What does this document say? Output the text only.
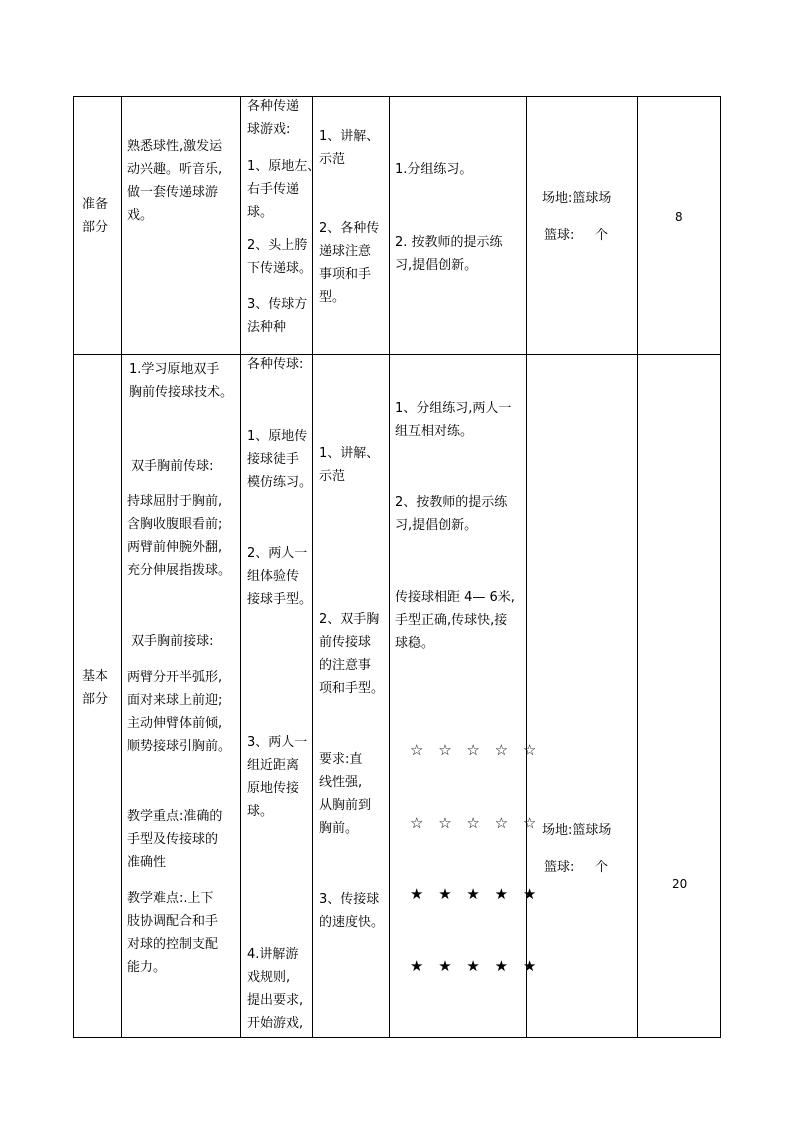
准备
部分
熟悉球性,激发运
动兴趣。听音乐,
做一套传递球游
戏。
各种传递
球游戏:
1、原地左、
右手传递
球。
2、头上胯
下传递球。
3、传球方
法种种
1、讲解、
示范
2、各种传
递球注意
事项和手
型。
1.分组练习。
2. 按教师的提示练
习,提倡创新。
场地:篮球场
篮球:     个
8
基本
部分
1.学习原地双手
胸前传接球技术。
双手胸前传球:
持球屈肘于胸前,
含胸收腹眼看前;
两臂前伸腕外翻,
充分伸展指拨球。
双手胸前接球:
两臂分开半弧形,
面对来球上前迎;
主动伸臂体前倾,
顺势接球引胸前。
教学重点:准确的
手型及传接球的
准确性
教学难点:.上下
肢协调配合和手
对球的控制支配
能力。
各种传球:
1、原地传
接球徒手
模仿练习。
2、两人一
组体验传
接球手型。
3、两人一
组近距离
原地传接
球。
4.讲解游
戏规则,
提出要求,
开始游戏,
1、讲解、
示范
2、双手胸
前传接球
的注意事
项和手型。
要求:直
线性强,
从胸前到
胸前。
3、传接球
的速度快。
1、分组练习,两人一
组互相对练。
2、按教师的提示练
习,提倡创新。
传接球相距 4— 6米,
手型正确,传球快,接
球稳。
☆ ☆ ☆ ☆ ☆
☆ ☆ ☆ ☆ ☆
★ ★ ★ ★ ★
★ ★ ★ ★ ★
场地:篮球场
篮球:     个
20
